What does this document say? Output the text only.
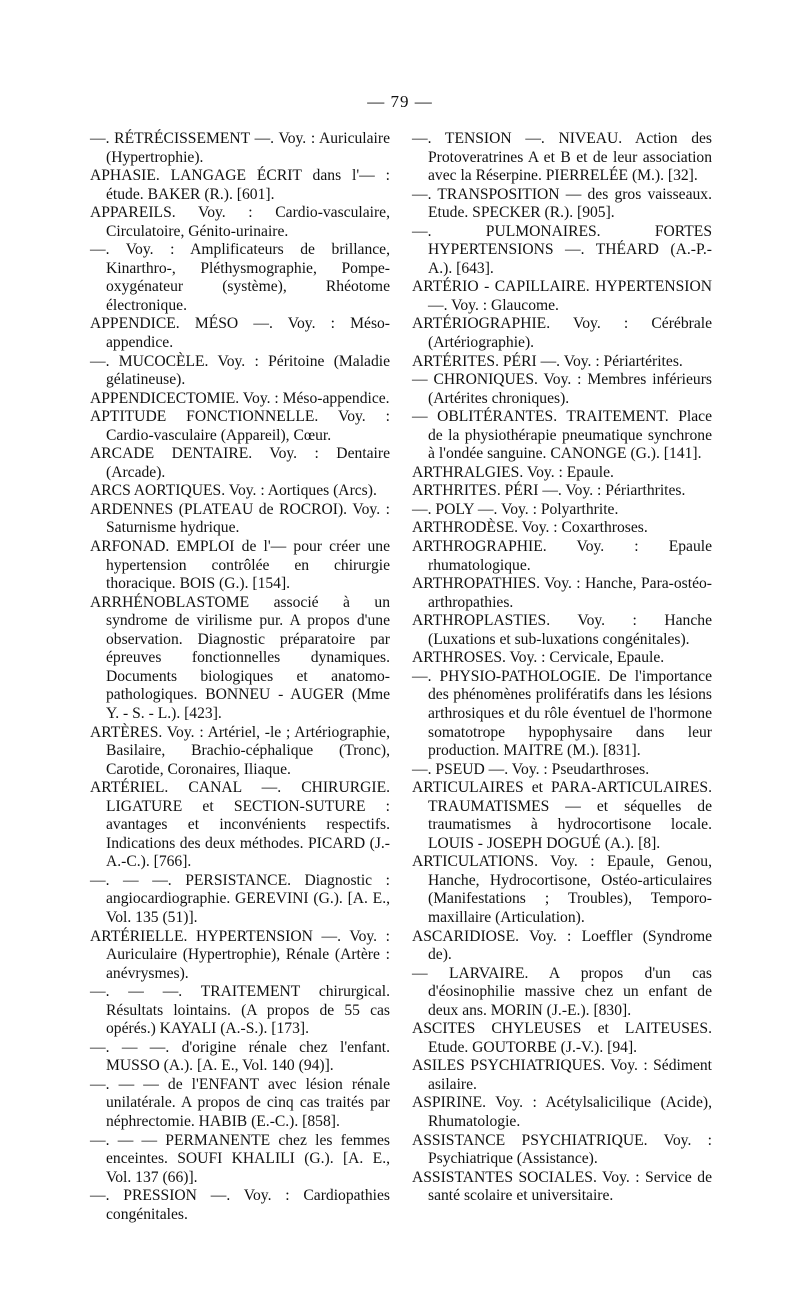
— 79 —

—. RÉTRÉCISSEMENT —. Voy. : Auriculaire (Hypertrophie).

APHASIE. LANGAGE ÉCRIT dans l'— : étude. BAKER (R.). [601].

APPAREILS. Voy. : Cardio-vasculaire, Circulatoire, Génito-urinaire.

—. Voy. : Amplificateurs de brillance, Kinarthro-, Pléthysmographie, Pompe-oxygénateur (système), Rhéotome électronique.

APPENDICE. MÉSO —. Voy. : Méso-appendice.

—. MUCOCÈLE. Voy. : Péritoine (Maladie gélatineuse).

APPENDICECTOMIE. Voy. : Méso-appendice.

APTITUDE FONCTIONNELLE. Voy. : Cardio-vasculaire (Appareil), Cœur.

ARCADE DENTAIRE. Voy. : Dentaire (Arcade).

ARCS AORTIQUES. Voy. : Aortiques (Arcs).

ARDENNES (PLATEAU de ROCROI). Voy. : Saturnisme hydrique.

ARFONAD. EMPLOI de l'— pour créer une hypertension contrôlée en chirurgie thoracique. BOIS (G.). [154].

ARRHÉNOBLASTOME associé à un syndrome de virilisme pur. A propos d'une observation. Diagnostic préparatoire par épreuves fonctionnelles dynamiques. Documents biologiques et anatomo-pathologiques. BONNEU - AUGER (Mme Y. - S. - L.). [423].

ARTÈRES. Voy. : Artériel, -le ; Artériographie, Basilaire, Brachio-céphalique (Tronc), Carotide, Coronaires, Iliaque.

ARTÉRIEL. CANAL —. CHIRURGIE. LIGATURE et SECTION-SUTURE : avantages et inconvénients respectifs. Indications des deux méthodes. PICARD (J.-A.-C.). [766].

—. — —. PERSISTANCE. Diagnostic : angiocardiographie. GEREVINI (G.). [A. E., Vol. 135 (51)].

ARTÉRIELLE. HYPERTENSION —. Voy. : Auriculaire (Hypertrophie), Rénale (Artère : anévrysmes).

—. — —. TRAITEMENT chirurgical. Résultats lointains. (A propos de 55 cas opérés.) KAYALI (A.-S.). [173].

—. — —. d'origine rénale chez l'enfant. MUSSO (A.). [A. E., Vol. 140 (94)].

—. — — de l'ENFANT avec lésion rénale unilatérale. A propos de cinq cas traités par néphrectomie. HABIB (E.-C.). [858].

—. — — PERMANENTE chez les femmes enceintes. SOUFI KHALILI (G.). [A. E., Vol. 137 (66)].

—. PRESSION —. Voy. : Cardiopathies congénitales.

—. TENSION —. NIVEAU. Action des Protoveratrines A et B et de leur association avec la Réserpine. PIERRELÉE (M.). [32].

—. TRANSPOSITION — des gros vaisseaux. Etude. SPECKER (R.). [905].

—. PULMONAIRES. FORTES HYPERTENSIONS —. THÉARD (A.-P.-A.). [643].

ARTÉRIO - CAPILLAIRE. HYPERTENSION —. Voy. : Glaucome.

ARTÉRIOGRAPHIE. Voy. : Cérébrale (Artériographie).

ARTÉRITES. PÉRI —. Voy. : Périartérites.

— CHRONIQUES. Voy. : Membres inférieurs (Artérites chroniques).

— OBLITÉRANTES. TRAITEMENT. Place de la physiothérapie pneumatique synchrone à l'ondée sanguine. CANONGE (G.). [141].

ARTHRALGIES. Voy. : Epaule.

ARTHRITES. PÉRI —. Voy. : Périarthrites.

—. POLY —. Voy. : Polyarthrite.

ARTHRODÈSE. Voy. : Coxarthroses.

ARTHROGRAPHIE. Voy. : Epaule rhumatologique.

ARTHROPATHIES. Voy. : Hanche, Para-ostéo-arthropathies.

ARTHROPLASTIES. Voy. : Hanche (Luxations et sub-luxations congénitales).

ARTHROSES. Voy. : Cervicale, Epaule.

—. PHYSIO-PATHOLOGIE. De l'importance des phénomènes prolifératifs dans les lésions arthrosiques et du rôle éventuel de l'hormone somatotrope hypophysaire dans leur production. MAITRE (M.). [831].

—. PSEUD —. Voy. : Pseudarthroses.

ARTICULAIRES et PARA-ARTICULAIRES. TRAUMATISMES — et séquelles de traumatismes à hydrocortisone locale. LOUIS - JOSEPH DOGUÉ (A.). [8].

ARTICULATIONS. Voy. : Epaule, Genou, Hanche, Hydrocortisone, Ostéo-articulaires (Manifestations ; Troubles), Temporo-maxillaire (Articulation).

ASCARIDIOSE. Voy. : Loeffler (Syndrome de).

— LARVAIRE. A propos d'un cas d'éosinophilie massive chez un enfant de deux ans. MORIN (J.-E.). [830].

ASCITES CHYLEUSES et LAITEUSES. Etude. GOUTORBE (J.-V.). [94].

ASILES PSYCHIATRIQUES. Voy. : Sédiment asilaire.

ASPIRINE. Voy. : Acétylsalicilique (Acide), Rhumatologie.

ASSISTANCE PSYCHIATRIQUE. Voy. : Psychiatrique (Assistance).

ASSISTANTES SOCIALES. Voy. : Service de santé scolaire et universitaire.
